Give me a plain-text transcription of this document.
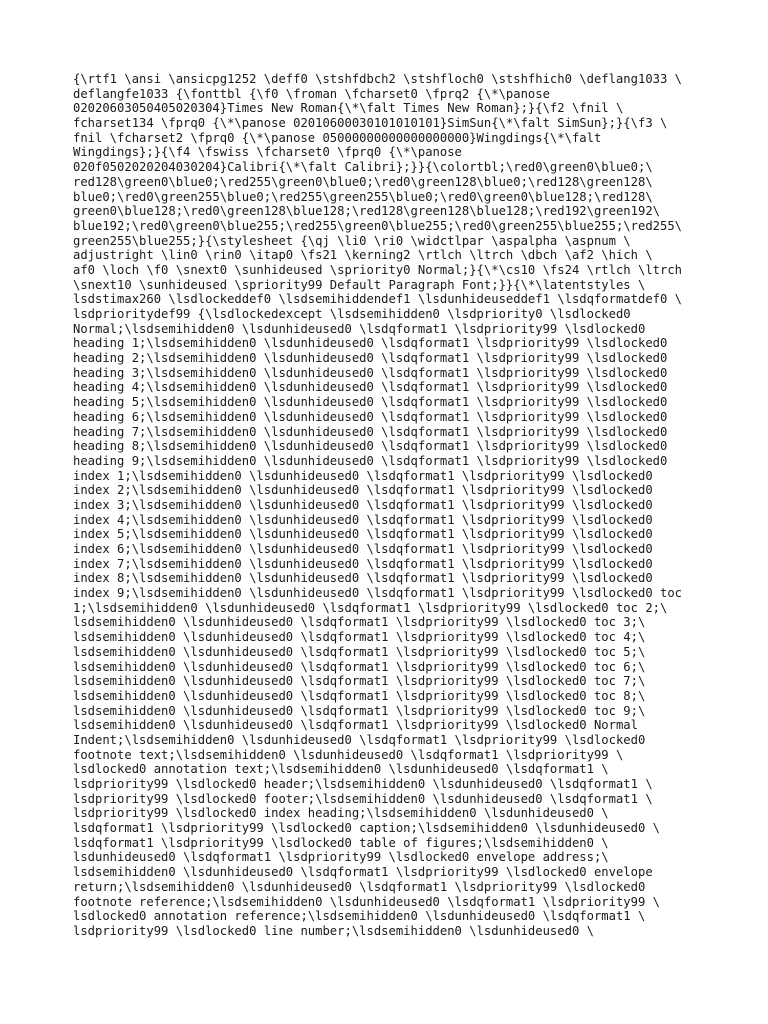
{\rtf1 \ansi \ansicpg1252 \deff0 \stshfdbch2 \stshfloch0 \stshfhich0 \deflang1033 \
deflangfe1033 {\fonttbl {\f0 \froman \fcharset0 \fprq2 {\*\panose
02020603050405020304}Times New Roman{\*\falt Times New Roman};}{\f2 \fnil \
fcharset134 \fprq0 {\*\panose 02010600030101010101}SimSun{\*\falt SimSun};}{\f3 \
fnil \fcharset2 \fprq0 {\*\panose 05000000000000000000}Wingdings{\*\falt
Wingdings};}{\f4 \fswiss \fcharset0 \fprq0 {\*\panose
020f0502020204030204}Calibri{\*\falt Calibri};}}{\colortbl;\red0\green0\blue0;\
red128\green0\blue0;\red255\green0\blue0;\red0\green128\blue0;\red128\green128\
blue0;\red0\green255\blue0;\red255\green255\blue0;\red0\green0\blue128;\red128\
green0\blue128;\red0\green128\blue128;\red128\green128\blue128;\red192\green192\
blue192;\red0\green0\blue255;\red255\green0\blue255;\red0\green255\blue255;\red255\
green255\blue255;}{\stylesheet {\qj \li0 \ri0 \widctlpar \aspalpha \aspnum \
adjustright \lin0 \rin0 \itap0 \fs21 \kerning2 \rtlch \ltrch \dbch \af2 \hich \
af0 \loch \f0 \snext0 \sunhideused \spriority0 Normal;}{\*\cs10 \fs24 \rtlch \ltrch
\snext10 \sunhideused \spriority99 Default Paragraph Font;}}{\*\latentstyles \
lsdstimax260 \lsdlockeddef0 \lsdsemihiddendef1 \lsdunhideuseddef1 \lsdqformatdef0 \
lsdprioritydef99 {\lsdlockedexcept \lsdsemihidden0 \lsdpriority0 \lsdlocked0
Normal;\lsdsemihidden0 \lsdunhideused0 \lsdqformat1 \lsdpriority99 \lsdlocked0
heading 1;\lsdsemihidden0 \lsdunhideused0 \lsdqformat1 \lsdpriority99 \lsdlocked0
heading 2;\lsdsemihidden0 \lsdunhideused0 \lsdqformat1 \lsdpriority99 \lsdlocked0
heading 3;\lsdsemihidden0 \lsdunhideused0 \lsdqformat1 \lsdpriority99 \lsdlocked0
heading 4;\lsdsemihidden0 \lsdunhideused0 \lsdqformat1 \lsdpriority99 \lsdlocked0
heading 5;\lsdsemihidden0 \lsdunhideused0 \lsdqformat1 \lsdpriority99 \lsdlocked0
heading 6;\lsdsemihidden0 \lsdunhideused0 \lsdqformat1 \lsdpriority99 \lsdlocked0
heading 7;\lsdsemihidden0 \lsdunhideused0 \lsdqformat1 \lsdpriority99 \lsdlocked0
heading 8;\lsdsemihidden0 \lsdunhideused0 \lsdqformat1 \lsdpriority99 \lsdlocked0
heading 9;\lsdsemihidden0 \lsdunhideused0 \lsdqformat1 \lsdpriority99 \lsdlocked0
index 1;\lsdsemihidden0 \lsdunhideused0 \lsdqformat1 \lsdpriority99 \lsdlocked0
index 2;\lsdsemihidden0 \lsdunhideused0 \lsdqformat1 \lsdpriority99 \lsdlocked0
index 3;\lsdsemihidden0 \lsdunhideused0 \lsdqformat1 \lsdpriority99 \lsdlocked0
index 4;\lsdsemihidden0 \lsdunhideused0 \lsdqformat1 \lsdpriority99 \lsdlocked0
index 5;\lsdsemihidden0 \lsdunhideused0 \lsdqformat1 \lsdpriority99 \lsdlocked0
index 6;\lsdsemihidden0 \lsdunhideused0 \lsdqformat1 \lsdpriority99 \lsdlocked0
index 7;\lsdsemihidden0 \lsdunhideused0 \lsdqformat1 \lsdpriority99 \lsdlocked0
index 8;\lsdsemihidden0 \lsdunhideused0 \lsdqformat1 \lsdpriority99 \lsdlocked0
index 9;\lsdsemihidden0 \lsdunhideused0 \lsdqformat1 \lsdpriority99 \lsdlocked0 toc
1;\lsdsemihidden0 \lsdunhideused0 \lsdqformat1 \lsdpriority99 \lsdlocked0 toc 2;\
lsdsemihidden0 \lsdunhideused0 \lsdqformat1 \lsdpriority99 \lsdlocked0 toc 3;\
lsdsemihidden0 \lsdunhideused0 \lsdqformat1 \lsdpriority99 \lsdlocked0 toc 4;\
lsdsemihidden0 \lsdunhideused0 \lsdqformat1 \lsdpriority99 \lsdlocked0 toc 5;\
lsdsemihidden0 \lsdunhideused0 \lsdqformat1 \lsdpriority99 \lsdlocked0 toc 6;\
lsdsemihidden0 \lsdunhideused0 \lsdqformat1 \lsdpriority99 \lsdlocked0 toc 7;\
lsdsemihidden0 \lsdunhideused0 \lsdqformat1 \lsdpriority99 \lsdlocked0 toc 8;\
lsdsemihidden0 \lsdunhideused0 \lsdqformat1 \lsdpriority99 \lsdlocked0 toc 9;\
lsdsemihidden0 \lsdunhideused0 \lsdqformat1 \lsdpriority99 \lsdlocked0 Normal
Indent;\lsdsemihidden0 \lsdunhideused0 \lsdqformat1 \lsdpriority99 \lsdlocked0
footnote text;\lsdsemihidden0 \lsdunhideused0 \lsdqformat1 \lsdpriority99 \
lsdlocked0 annotation text;\lsdsemihidden0 \lsdunhideused0 \lsdqformat1 \
lsdpriority99 \lsdlocked0 header;\lsdsemihidden0 \lsdunhideused0 \lsdqformat1 \
lsdpriority99 \lsdlocked0 footer;\lsdsemihidden0 \lsdunhideused0 \lsdqformat1 \
lsdpriority99 \lsdlocked0 index heading;\lsdsemihidden0 \lsdunhideused0 \
lsdqformat1 \lsdpriority99 \lsdlocked0 caption;\lsdsemihidden0 \lsdunhideused0 \
lsdqformat1 \lsdpriority99 \lsdlocked0 table of figures;\lsdsemihidden0 \
lsdunhideused0 \lsdqformat1 \lsdpriority99 \lsdlocked0 envelope address;\
lsdsemihidden0 \lsdunhideused0 \lsdqformat1 \lsdpriority99 \lsdlocked0 envelope
return;\lsdsemihidden0 \lsdunhideused0 \lsdqformat1 \lsdpriority99 \lsdlocked0
footnote reference;\lsdsemihidden0 \lsdunhideused0 \lsdqformat1 \lsdpriority99 \
lsdlocked0 annotation reference;\lsdsemihidden0 \lsdunhideused0 \lsdqformat1 \
lsdpriority99 \lsdlocked0 line number;\lsdsemihidden0 \lsdunhideused0 \
